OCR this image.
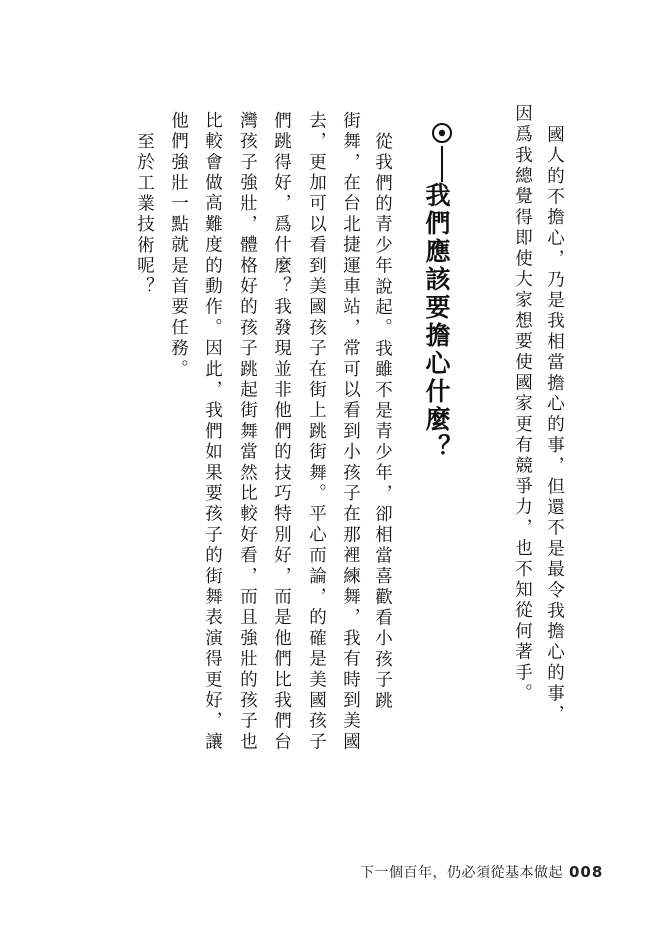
國人的不擔心，乃是我相當擔心的事，但還不是最令我擔心的事，
因爲我總覺得即使大家想要使國家更有競爭力，也不知從何著手。
我們應該要擔心什麼？
從我們的青少年說起。我雖不是青少年，卻相當喜歡看小孩子跳
街舞，在台北捷運車站，常可以看到小孩子在那裡練舞，我有時到美國
去，更加可以看到美國孩子在街上跳街舞。平心而論，的確是美國孩子
們跳得好，爲什麼？我發現並非他們的技巧特別好，而是他們比我們台
灣孩子強壯，體格好的孩子跳起街舞當然比較好看，而且強壯的孩子也
比較會做高難度的動作。因此，我們如果要孩子的街舞表演得更好，讓
他們強壯一點就是首要任務。
至於工業技術呢？
下一個百年，仍必須從基本做起 008
